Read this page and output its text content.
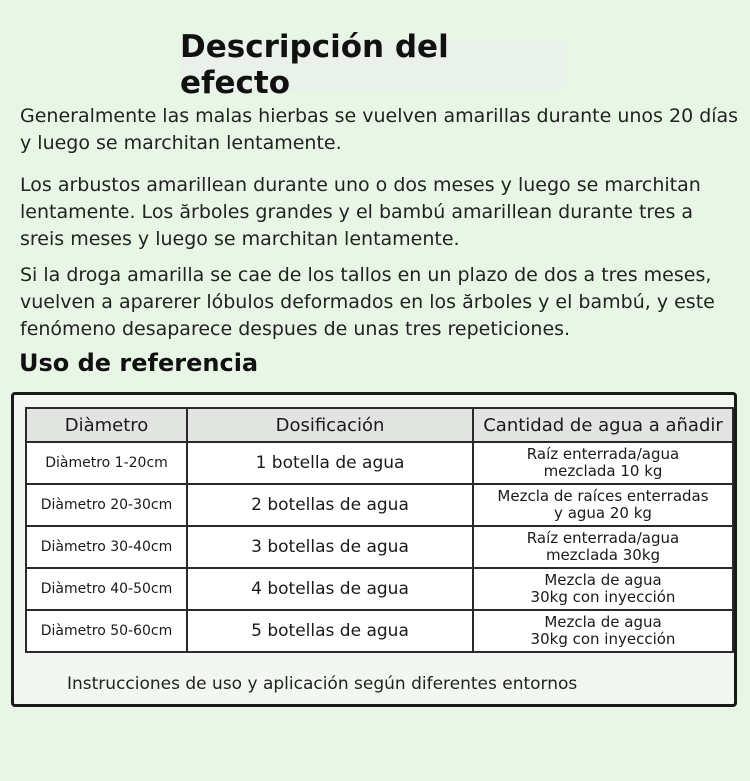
Descripción del efecto
Generalmente las malas hierbas se vuelven amarillas durante unos 20 días y luego se marchitan lentamente.
Los arbustos amarillean durante uno o dos meses y luego se marchitan lentamente. Los ărboles grandes y el bambú amarillean durante tres a sreis meses y luego se marchitan lentamente.
Si la droga amarilla se cae de los tallos en un plazo de dos a tres meses, vuelven a aparerer lóbulos deformados en los ărboles y el bambú, y este fenómeno desaparece despues de unas tres repeticiones.
Uso de referencia
Diàmetro	Dosificación	Cantidad de agua a añadir
Diàmetro 1-20cm	1 botella de agua	Raíz enterrada/agua
mezclada 10 kg
Diàmetro 20-30cm	2 botellas de agua	Mezcla de raíces enterradas
y agua 20 kg
Diàmetro 30-40cm	3 botellas de agua	Raíz enterrada/agua
mezclada 30kg
Diàmetro 40-50cm	4 botellas de agua	Mezcla de agua
30kg con inyección
Diàmetro 50-60cm	5 botellas de agua	Mezcla de agua
30kg con inyección
Instrucciones de uso y aplicación según diferentes entornos
